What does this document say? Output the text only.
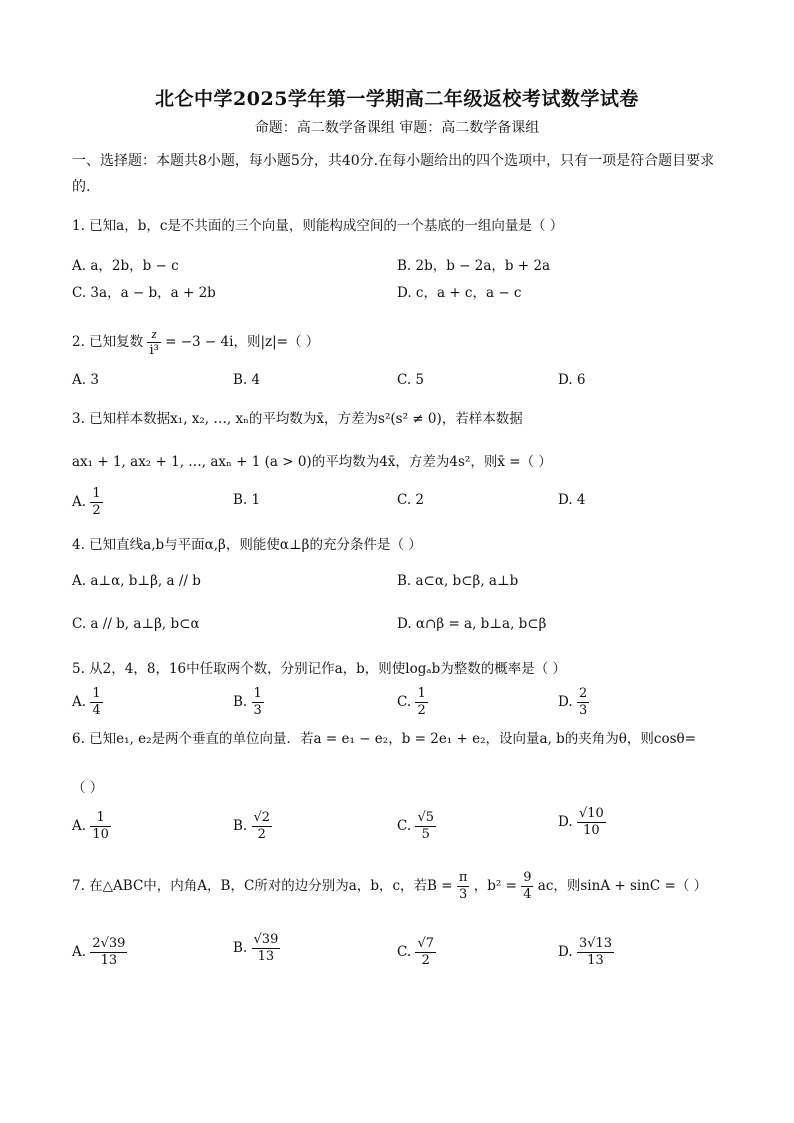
北仑中学2025学年第一学期高二年级返校考试数学试卷
命题：高二数学备课组 审题：高二数学备课组
一、选择题：本题共8小题，每小题5分，共40分.在每小题给出的四个选项中，只有一项是符合题目要求的.
1. 已知a，b，c是不共面的三个向量，则能构成空间的一个基底的一组向量是（ ）
A. a，2b，b − c	B. 2b，b − 2a，b + 2a
C. 3a，a − b，a + 2b	D. c，a + c，a − c
2. 已知复数 $\frac{z}{\text{i³}} = -3 - 4i$，则|z|=（ ）
A. 3	B. 4	C. 5	D. 6
3. 已知样本数据x₁, x₂, …, xₙ的平均数为x̄，方差为s²(s² ≠ 0)，若样本数据
ax₁ + 1, ax₂ + 1, …, axₙ + 1 (a > 0)的平均数为4x̄，方差为4s²，则x̄ =（ ）
A. $\frac{1}{2}$	B. 1	C. 2	D. 4
4. 已知直线a,b与平面α,β，则能使α⊥β的充分条件是（ ）
A. a⊥α, b⊥β, a // b	B. a⊂α, b⊂β, a⊥b
C. a // b, a⊥β, b⊂α	D. α∩β = a, b⊥a, b⊂β
5. 从2，4，8，16中任取两个数，分别记作a，b，则使logₐb为整数的概率是（ ）
A. $\frac{1}{4}$	B. $\frac{1}{3}$	C. $\frac{1}{2}$	D. $\frac{2}{3}$
6. 已知e₁, e₂是两个垂直的单位向量．若a = e₁ − e₂，b = 2e₁ + e₂，设向量a, b的夹角为θ，则cosθ=
（ ）
A. $\frac{1}{10}$	B. $\frac{√2}{2}$	C. $\frac{√5}{5}$	D. $\frac{√10}{10}$
7. 在△ABC中，内角A，B，C所对的边分别为a，b，c，若$B = \frac{\pi}{3}$ ，$b^2 = \frac{9}{4}$ ac，则sinA + sinC =（ ）
A. $\frac{2√39}{13}$	B. $\frac{√39}{13}$	C. $\frac{√7}{2}$	D. $\frac{3√13}{13}$
